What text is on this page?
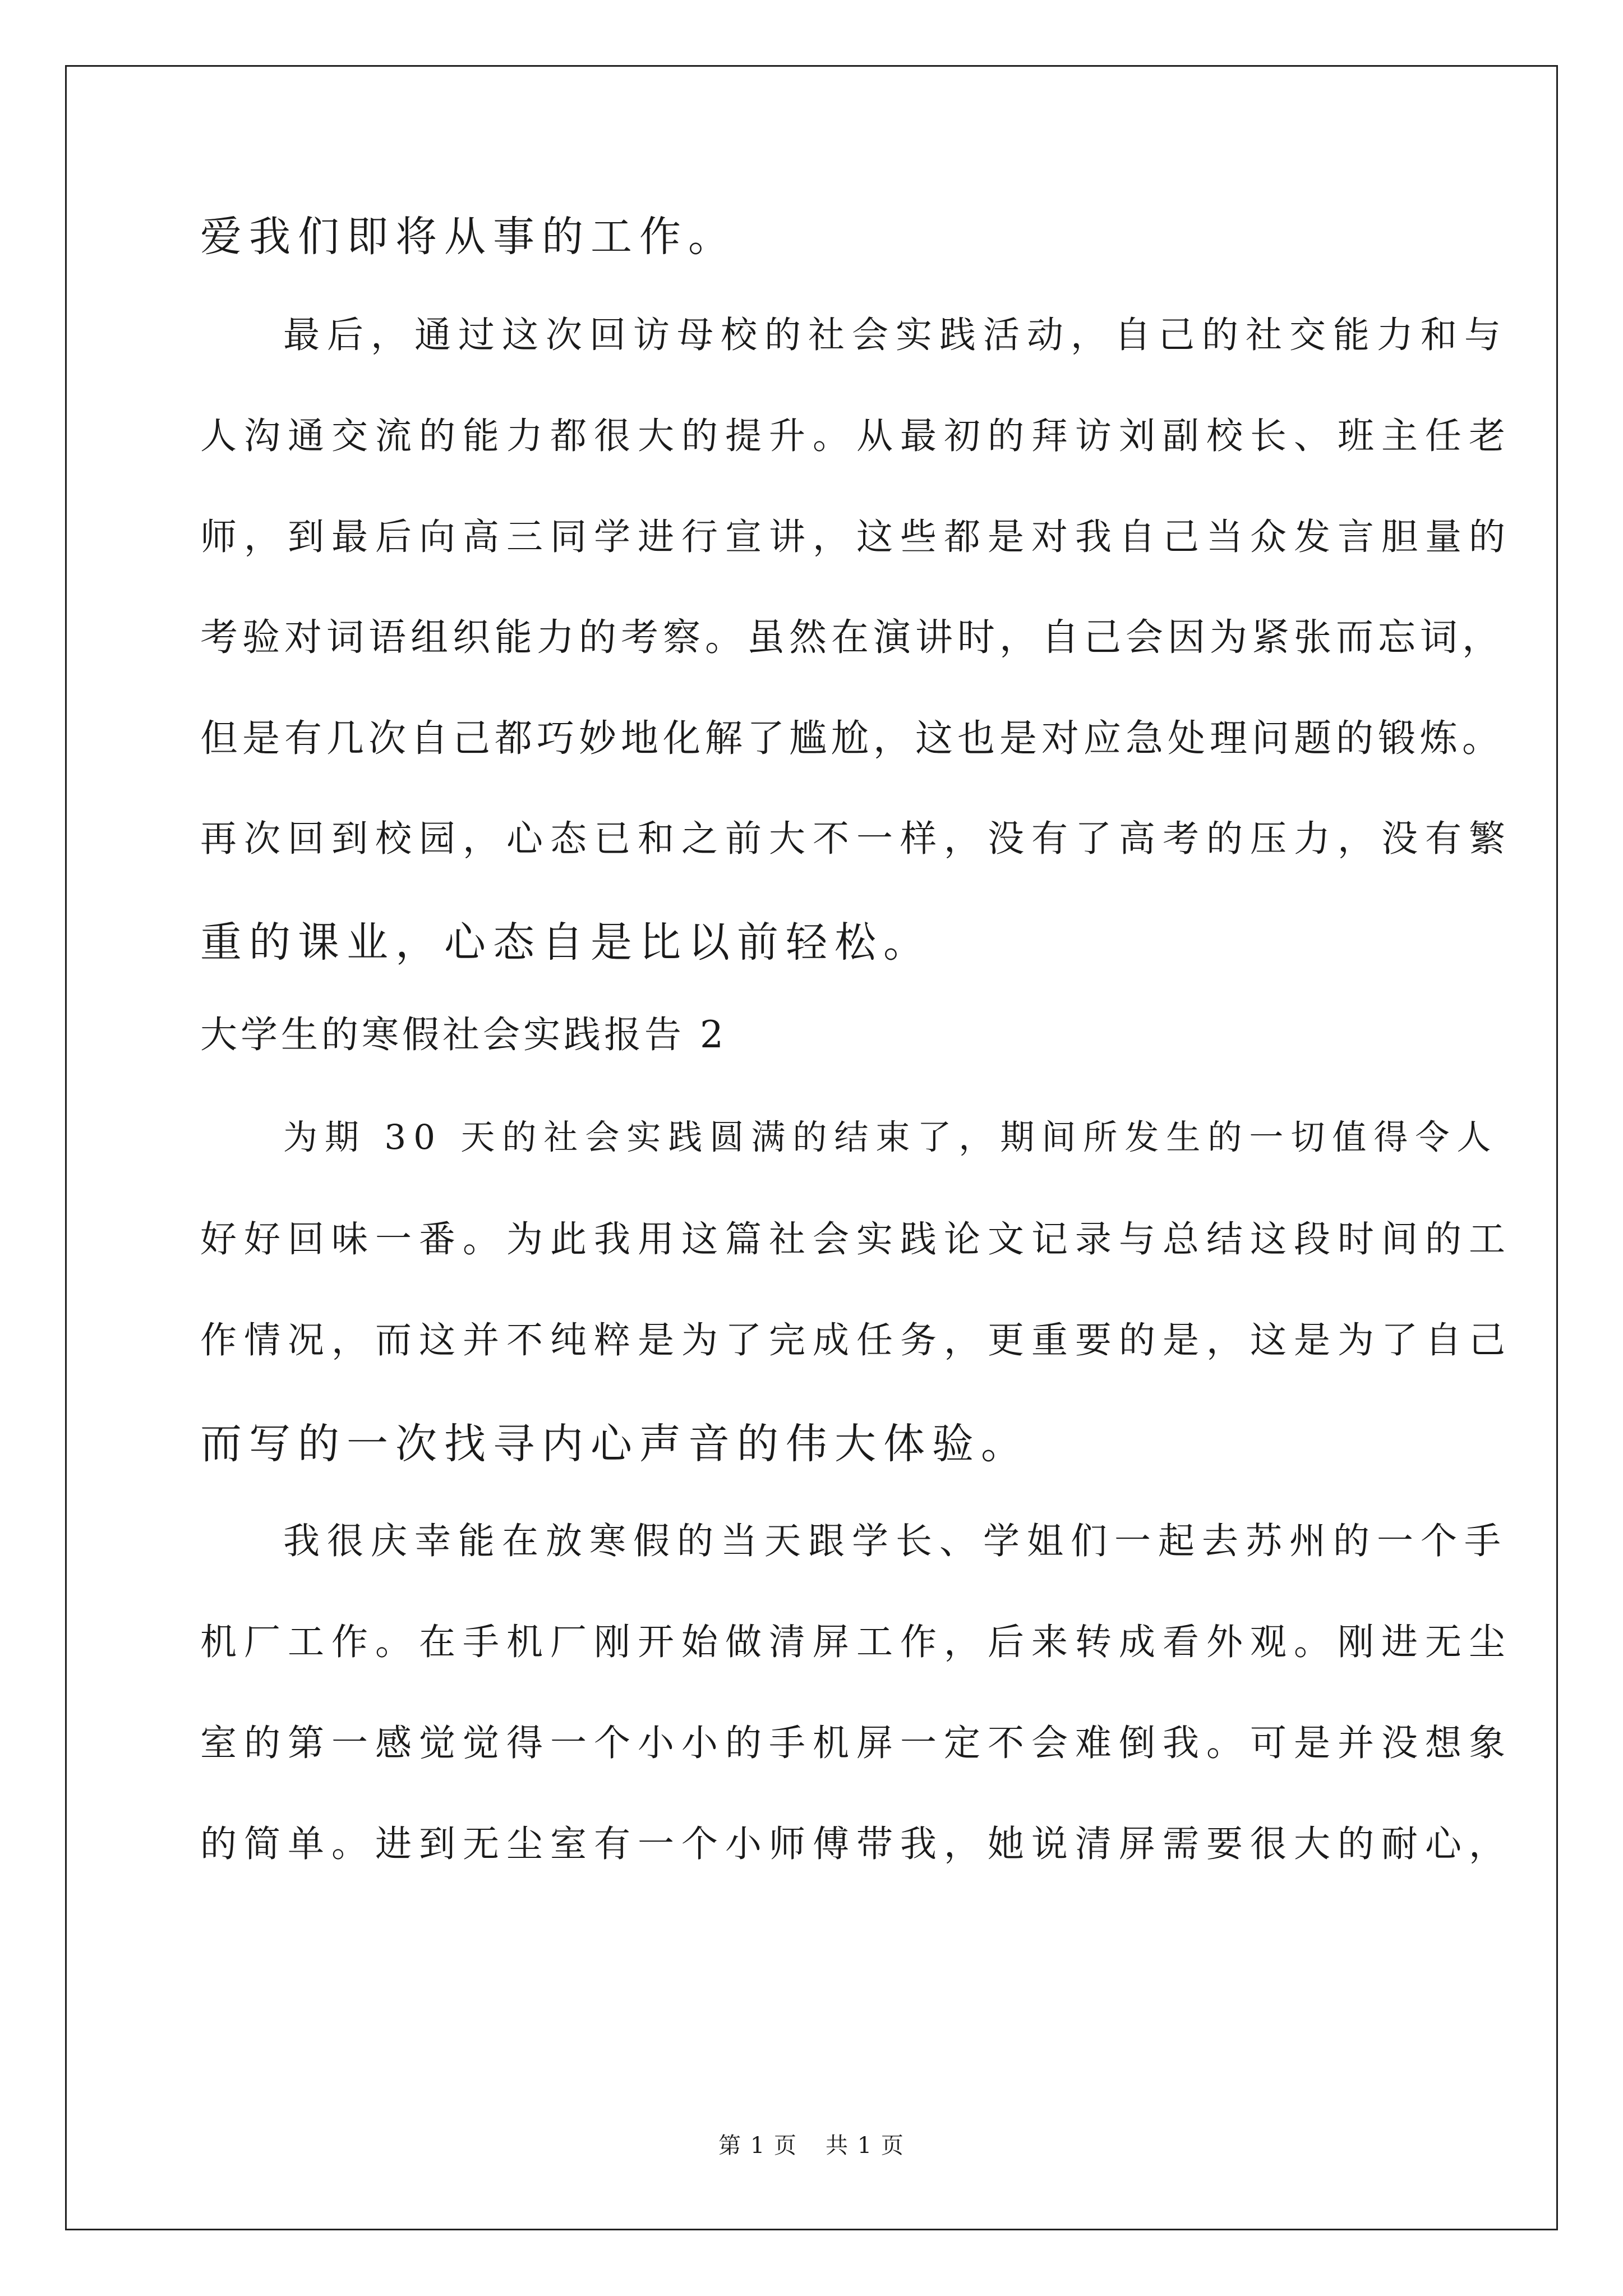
爱我们即将从事的工作。
最后，通过这次回访母校的社会实践活动，自己的社交能力和与
人沟通交流的能力都很大的提升。从最初的拜访刘副校长、班主任老
师，到最后向高三同学进行宣讲，这些都是对我自己当众发言胆量的
考验对词语组织能力的考察。虽然在演讲时，自己会因为紧张而忘词，
但是有几次自己都巧妙地化解了尴尬，这也是对应急处理问题的锻炼。
再次回到校园，心态已和之前大不一样，没有了高考的压力，没有繁
重的课业，心态自是比以前轻松。
大学生的寒假社会实践报告 2
为期 30 天的社会实践圆满的结束了，期间所发生的一切值得令人
好好回味一番。为此我用这篇社会实践论文记录与总结这段时间的工
作情况，而这并不纯粹是为了完成任务，更重要的是，这是为了自己
而写的一次找寻内心声音的伟大体验。
我很庆幸能在放寒假的当天跟学长、学姐们一起去苏州的一个手
机厂工作。在手机厂刚开始做清屏工作，后来转成看外观。刚进无尘
室的第一感觉觉得一个小小的手机屏一定不会难倒我。可是并没想象
的简单。进到无尘室有一个小师傅带我，她说清屏需要很大的耐心，
第 1 页 共 1 页
